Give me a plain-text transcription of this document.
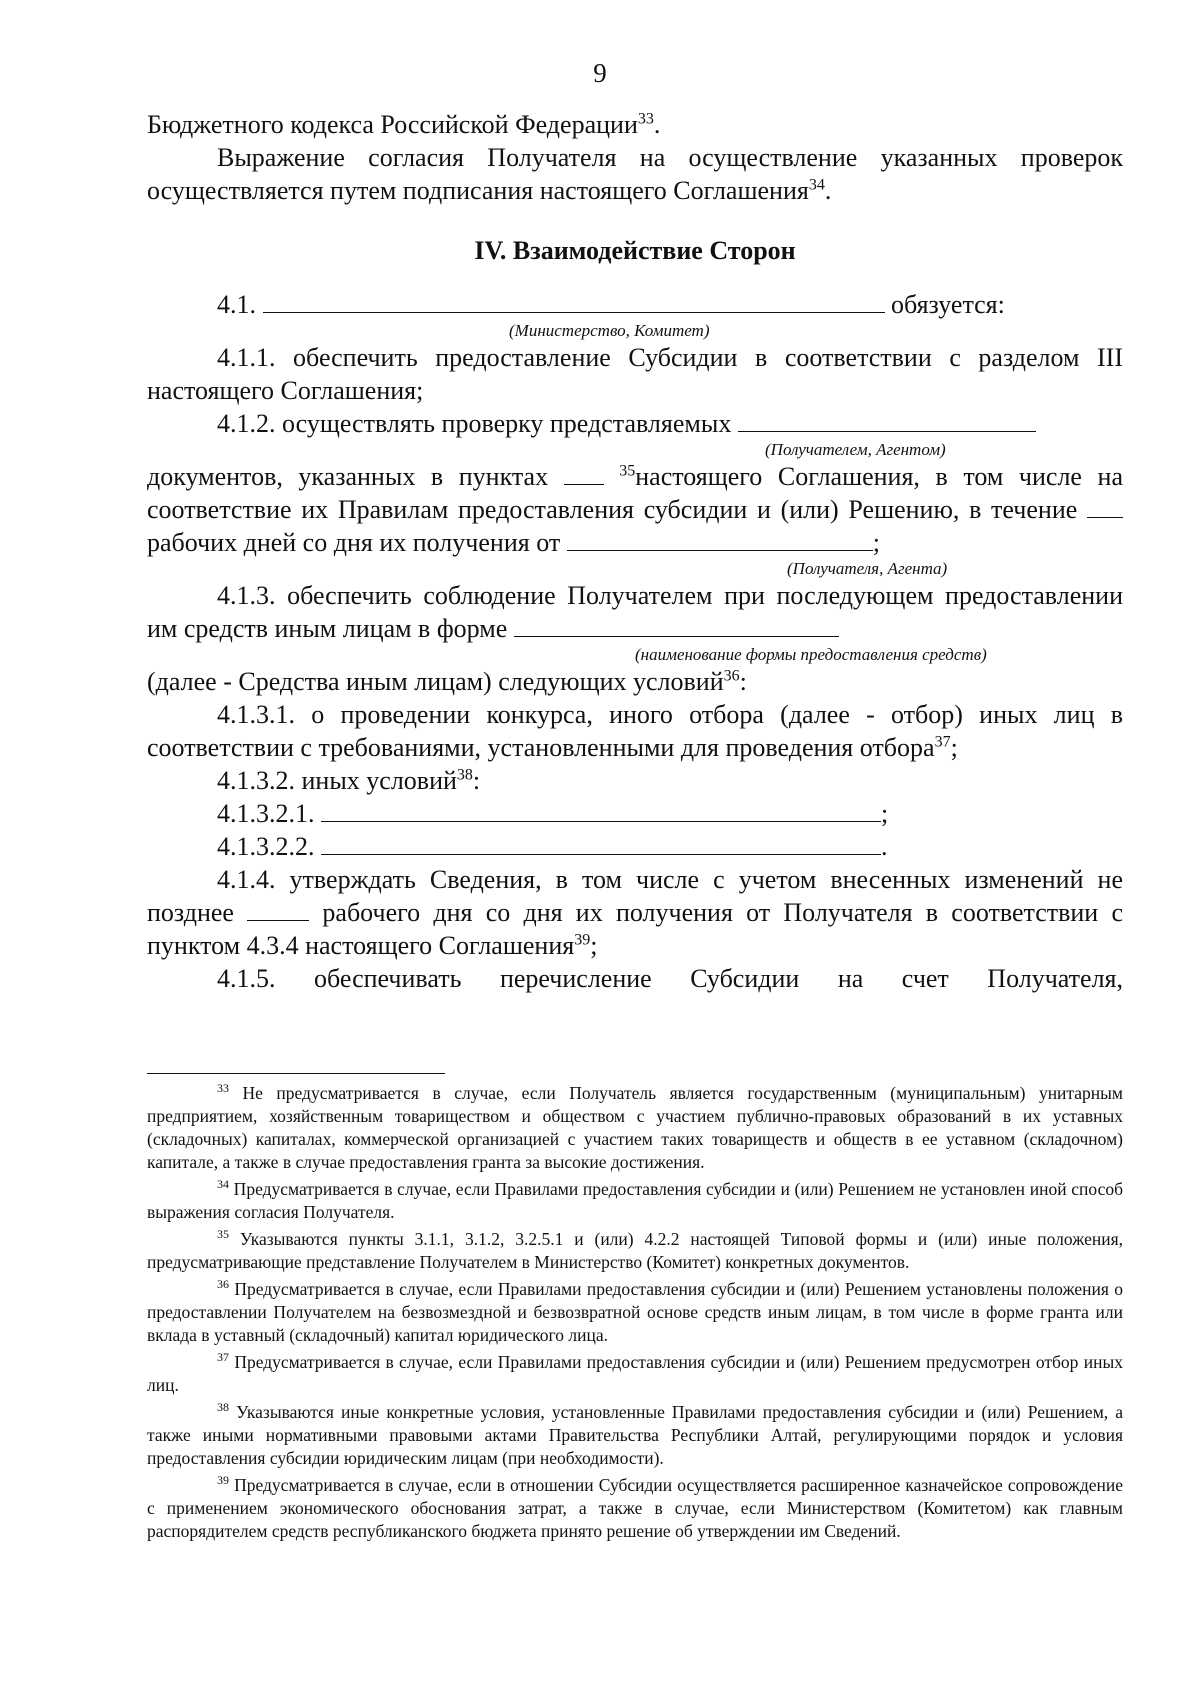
9

Бюджетного кодекса Российской Федерации$^{33}$.

Выражение согласия Получателя на осуществление указанных проверок осуществляется путем подписания настоящего Соглашения$^{34}$.

IV. Взаимодействие Сторон

4.1.	обязуется:

(Министерство, Комитет)

4.1.1. обеспечить предоставление Субсидии в соответствии с разделом III настоящего Соглашения;

4.1.2. осуществлять проверку представляемых

(Получателем, Агентом)

документов, указанных в пунктах	$^{35}$настоящего Соглашения, в том числе на соответствие их Правилам предоставления субсидии и (или) Решению, в течение  рабочих дней со дня их получения от	;

(Получателя, Агента)

4.1.3. обеспечить соблюдение Получателем при последующем предоставлении им средств иным лицам в форме

(наименование формы предоставления средств)

(далее - Средства иным лицам) следующих условий$^{36}$:

4.1.3.1. о проведении конкурса, иного отбора (далее - отбор) иных лиц в соответствии с требованиями, установленными для проведения отбора$^{37}$;

4.1.3.2. иных условий$^{38}$:

4.1.3.2.1.	;

4.1.3.2.2.	.

4.1.4. утверждать Сведения, в том числе с учетом внесенных изменений не позднее	рабочего дня со дня их получения от Получателя в соответствии с пунктом 4.3.4 настоящего Соглашения$^{39}$;

4.1.5. обеспечивать перечисление Субсидии на счет Получателя,

$^{33}$ Не предусматривается в случае, если Получатель является государственным (муниципальным) унитарным предприятием, хозяйственным товариществом и обществом с участием публично-правовых образований в их уставных (складочных) капиталах, коммерческой организацией с участием таких товариществ и обществ в ее уставном (складочном) капитале, а также в случае предоставления гранта за высокие достижения.

$^{34}$ Предусматривается в случае, если Правилами предоставления субсидии и (или) Решением не установлен иной способ выражения согласия Получателя.

$^{35}$ Указываются пункты 3.1.1, 3.1.2, 3.2.5.1 и (или) 4.2.2 настоящей Типовой формы и (или) иные положения, предусматривающие представление Получателем в Министерство (Комитет) конкретных документов.

$^{36}$ Предусматривается в случае, если Правилами предоставления субсидии и (или) Решением установлены положения о предоставлении Получателем на безвозмездной и безвозвратной основе средств иным лицам, в том числе в форме гранта или вклада в уставный (складочный) капитал юридического лица.

$^{37}$ Предусматривается в случае, если Правилами предоставления субсидии и (или) Решением предусмотрен отбор иных лиц.

$^{38}$ Указываются иные конкретные условия, установленные Правилами предоставления субсидии и (или) Решением, а также иными нормативными правовыми актами Правительства Республики Алтай, регулирующими порядок и условия предоставления субсидии юридическим лицам (при необходимости).

$^{39}$ Предусматривается в случае, если в отношении Субсидии осуществляется расширенное казначейское сопровождение с применением экономического обоснования затрат, а также в случае, если Министерством (Комитетом) как главным распорядителем средств республиканского бюджета принято решение об утверждении им Сведений.
